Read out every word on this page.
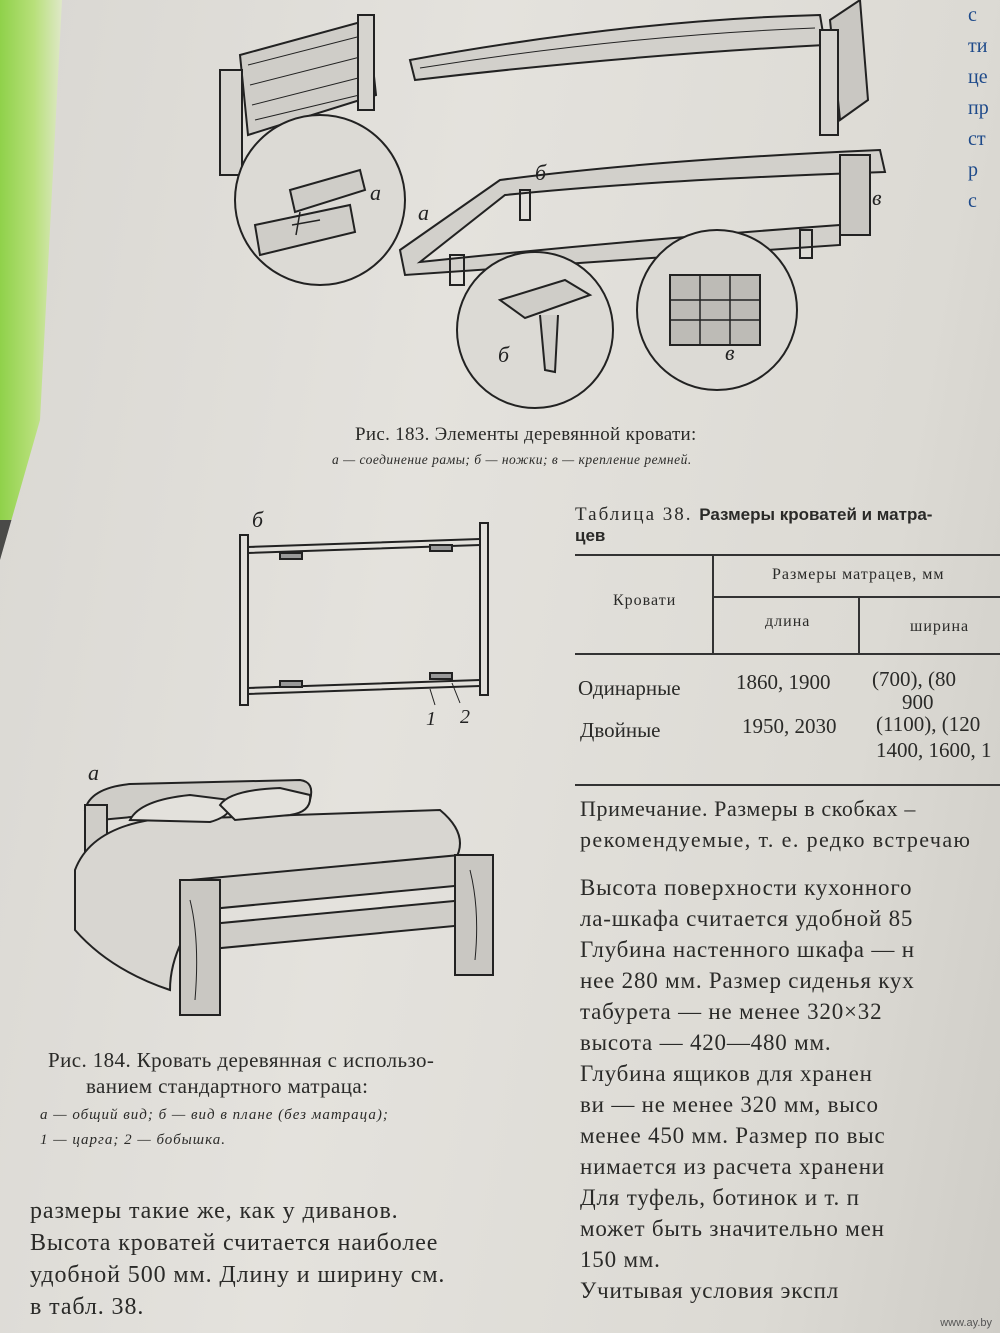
а
а
б
б
в
в
Рис. 183. Элементы деревянной кровати:
а — соединение рамы; б — ножки; в — крепление ремней.
б
1 2
а
Рис. 184. Кровать деревянная с использо-
ванием стандартного матраца:
а — общий вид; б — вид в плане (без матраца);
1 — царга; 2 — бобышка.
Таблица 38. Размеры кроватей и матра-
цев
Кровати
Размеры матрацев, мм
длина	ширина
Одинарные	1860, 1900 (700), (80
900
Двойные	1950, 2030 (1100), (120
1400, 1600, 1
Примечание. Размеры в скобках –
рекомендуемые, т. е. редко встречаю
Высота поверхности кухонного
ла-шкафа считается удобной 85
Глубина настенного шкафа — н
нее 280 мм. Размер сиденья кух
табурета — не менее 320×32
высота — 420—480 мм.
Глубина ящиков для хранен
ви — не менее 320 мм, высо
менее 450 мм. Размер по выс
нимается из расчета хранени
Для туфель, ботинок и т. п
может быть значительно мен
150 мм.
Учитывая условия экспл
размеры такие же, как у диванов.
Высота кроватей считается наиболее
удобной 500 мм. Длину и ширину см.
в табл. 38.
с
ти
це
пр
ст
р
с
www.ay.by
